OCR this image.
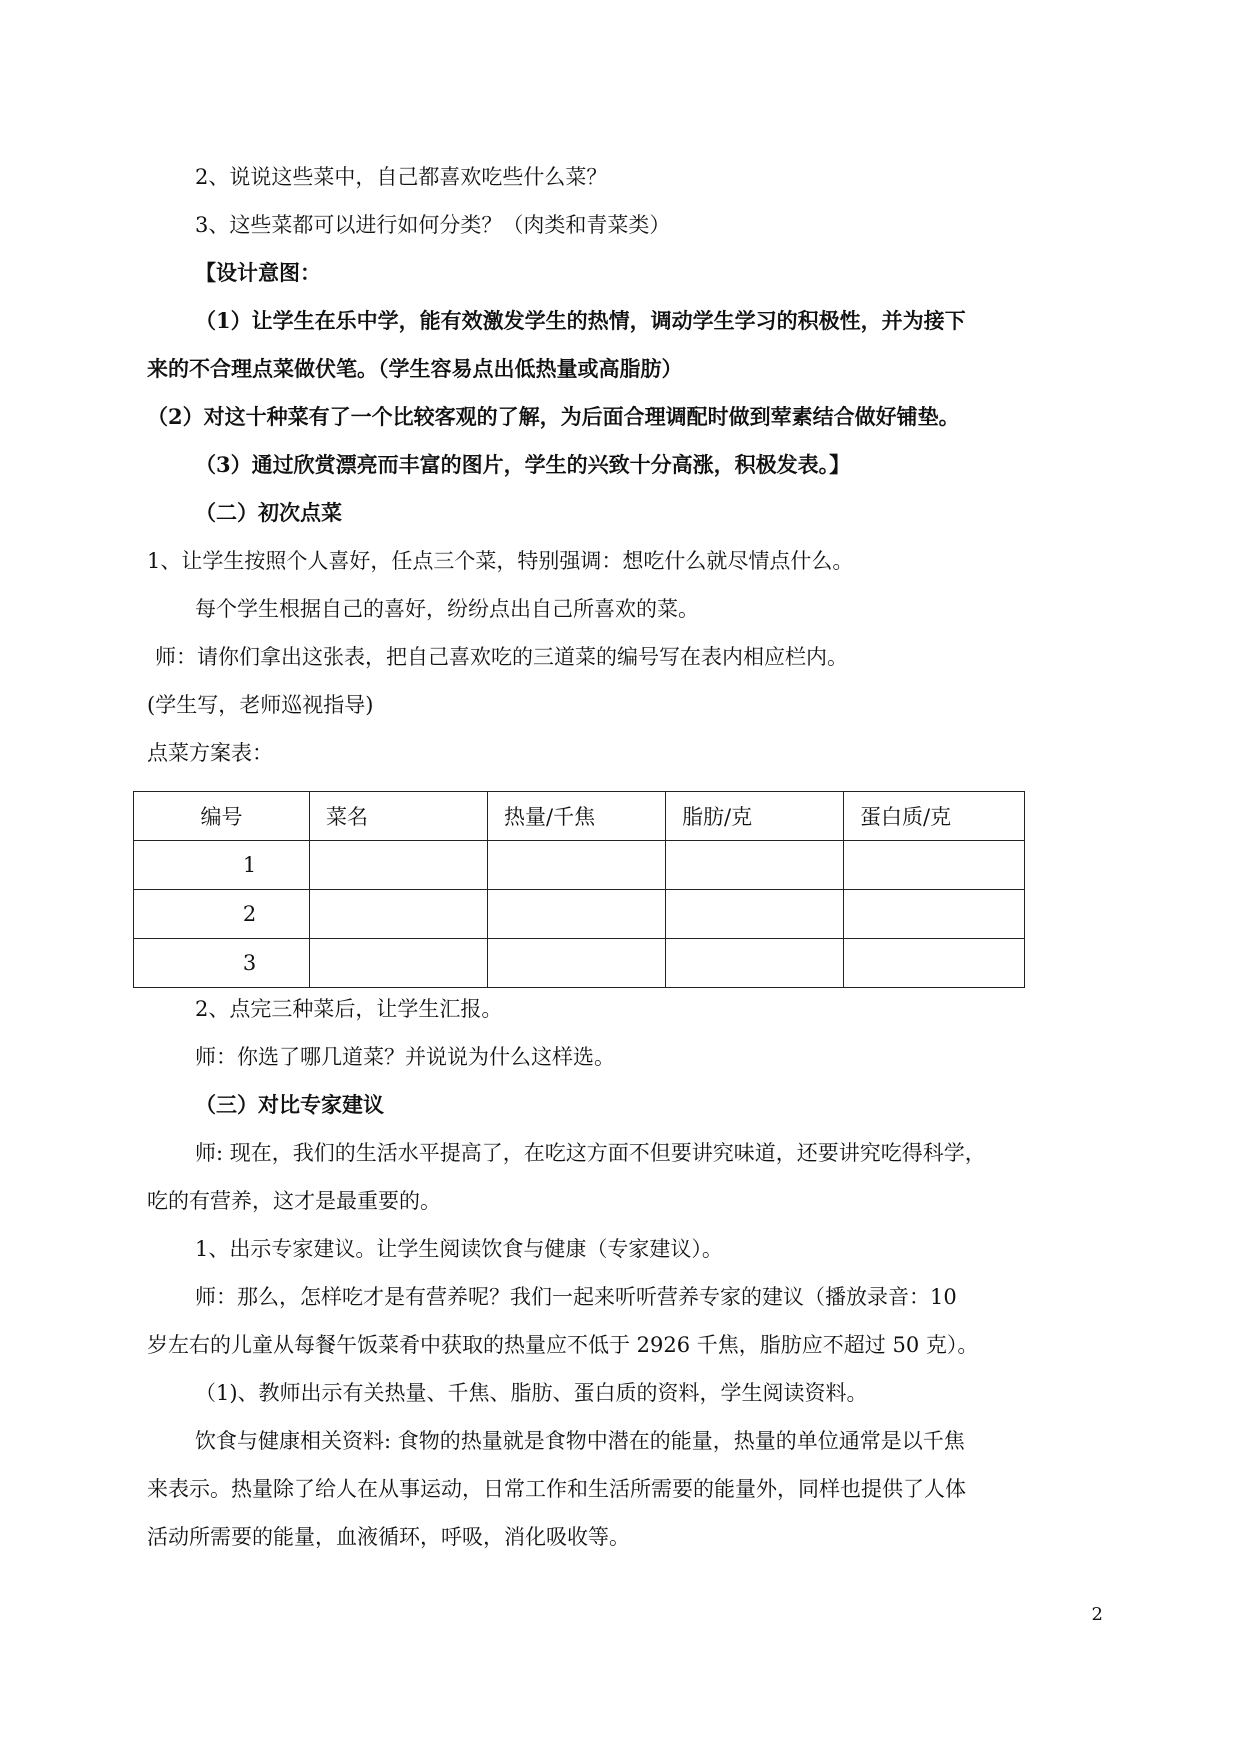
2、说说这些菜中，自己都喜欢吃些什么菜？
3、这些菜都可以进行如何分类？（肉类和青菜类）
【设计意图：
（1）让学生在乐中学，能有效激发学生的热情，调动学生学习的积极性，并为接下
来的不合理点菜做伏笔。（学生容易点出低热量或高脂肪）
（2）对这十种菜有了一个比较客观的了解，为后面合理调配时做到荤素结合做好铺垫。
（3）通过欣赏漂亮而丰富的图片，学生的兴致十分高涨，积极发表。】
（二）初次点菜
1、让学生按照个人喜好，任点三个菜，特别强调：想吃什么就尽情点什么。
每个学生根据自己的喜好，纷纷点出自己所喜欢的菜。
师：请你们拿出这张表，把自己喜欢吃的三道菜的编号写在表内相应栏内。
(学生写，老师巡视指导)
点菜方案表：
2、点完三种菜后，让学生汇报。
师：你选了哪几道菜？并说说为什么这样选。
（三）对比专家建议
师: 现在，我们的生活水平提高了，在吃这方面不但要讲究味道，还要讲究吃得科学，
吃的有营养，这才是最重要的。
1、出示专家建议。让学生阅读饮食与健康（专家建议）。
师：那么，怎样吃才是有营养呢？我们一起来听听营养专家的建议（播放录音：10
岁左右的儿童从每餐午饭菜肴中获取的热量应不低于 2926 千焦，脂肪应不超过 50 克）。
（1)、教师出示有关热量、千焦、脂肪、蛋白质的资料，学生阅读资料。
饮食与健康相关资料: 食物的热量就是食物中潜在的能量，热量的单位通常是以千焦
来表示。热量除了给人在从事运动，日常工作和生活所需要的能量外，同样也提供了人体
活动所需要的能量，血液循环，呼吸，消化吸收等。
编号	菜名	热量/千焦	脂肪/克	蛋白质/克
1				
2				
3				
2
